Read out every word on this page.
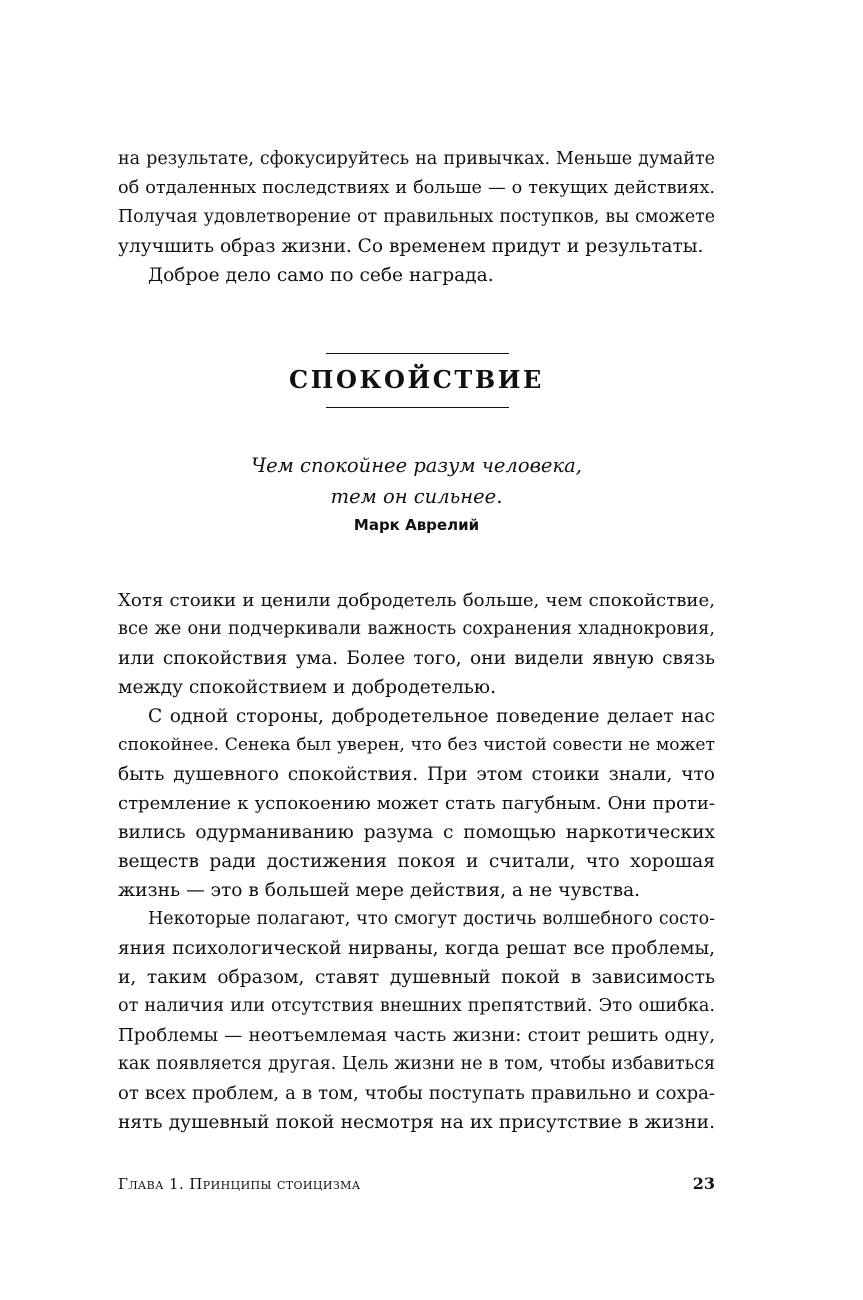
на результате, сфокусируйтесь на привычках. Меньше думайте
об отдаленных последствиях и больше — о текущих действиях.
Получая удовлетворение от правильных поступков, вы сможете
улучшить образ жизни. Со временем придут и результаты.
Доброе дело само по себе награда.
СПОКОЙСТВИЕ
Чем спокойнее разум человека,
тем он сильнее.
Марк Аврелий
Хотя стоики и ценили добродетель больше, чем спокойствие,
все же они подчеркивали важность сохранения хладнокровия,
или спокойствия ума. Более того, они видели явную связь
между спокойствием и добродетелью.
С одной стороны, добродетельное поведение делает нас
спокойнее. Сенека был уверен, что без чистой совести не может
быть душевного спокойствия. При этом стоики знали, что
стремление к успокоению может стать пагубным. Они проти-
вились одурманиванию разума с помощью наркотических
веществ ради достижения покоя и считали, что хорошая
жизнь — это в большей мере действия, а не чувства.
Некоторые полагают, что смогут достичь волшебного состо-
яния психологической нирваны, когда решат все проблемы,
и, таким образом, ставят душевный покой в зависимость
от наличия или отсутствия внешних препятствий. Это ошибка.
Проблемы — неотъемлемая часть жизни: стоит решить одну,
как появляется другая. Цель жизни не в том, чтобы избавиться
от всех проблем, а в том, чтобы поступать правильно и сохра-
нять душевный покой несмотря на их присутствие в жизни.
Глава 1. Принципы стоицизма	23
